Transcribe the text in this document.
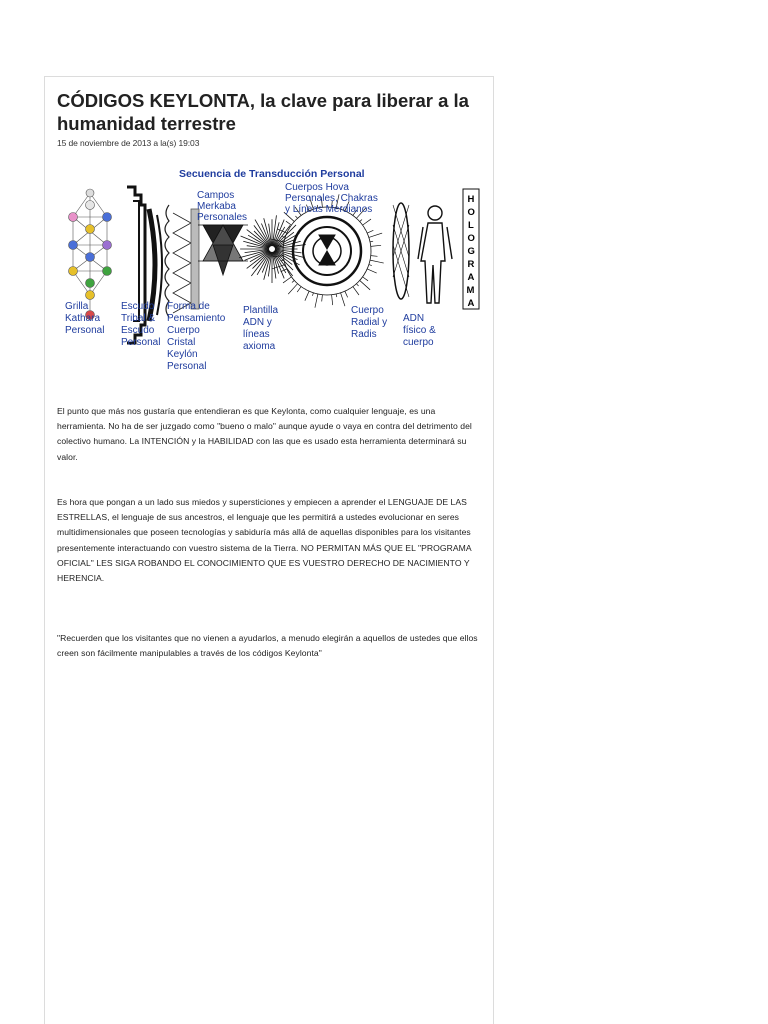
CÓDIGOS KEYLONTA, la clave para liberar a la humanidad terrestre
15 de noviembre de 2013 a la(s) 19:03
Secuencia de Transducción Personal
H
O
L
O
G
R
A
M
A
Grilla
Kathara
Personal
Escudo
Tribal &
Escudo
Personal
Forma de
Pensamiento
Cuerpo
Cristal
Keylón
Personal
Campos
Merkaba
Personales
Plantilla
ADN y
líneas
axioma
Cuerpos Hova
Personales, Chakras
y Líneas Merdianos
Cuerpo
Radial y
Radis
ADN
físico &
cuerpo

El punto que más nos gustaría que entendieran es que Keylonta, como cualquier lenguaje, es una herramienta. No ha de ser juzgado como "bueno o malo" aunque ayude o vaya en contra del detrimento del colectivo humano. La INTENCIÓN y la HABILIDAD con las que es usado esta herramienta determinará su valor.

Es hora que pongan a un lado sus miedos y supersticiones y empiecen a aprender el LENGUAJE DE LAS ESTRELLAS, el lenguaje de sus ancestros, el lenguaje que les permitirá a ustedes evolucionar en seres multidimensionales que poseen tecnologías y sabiduría más allá de aquellas disponibles para los visitantes presentemente interactuando con vuestro sistema de la Tierra. NO PERMITAN MÁS QUE EL "PROGRAMA OFICIAL" LES SIGA ROBANDO EL CONOCIMIENTO QUE ES VUESTRO DERECHO DE NACIMIENTO Y HERENCIA.

"Recuerden que los visitantes que no vienen a ayudarlos, a menudo elegirán a aquellos de ustedes que ellos creen son fácilmente manipulables a través de los códigos Keylonta"
